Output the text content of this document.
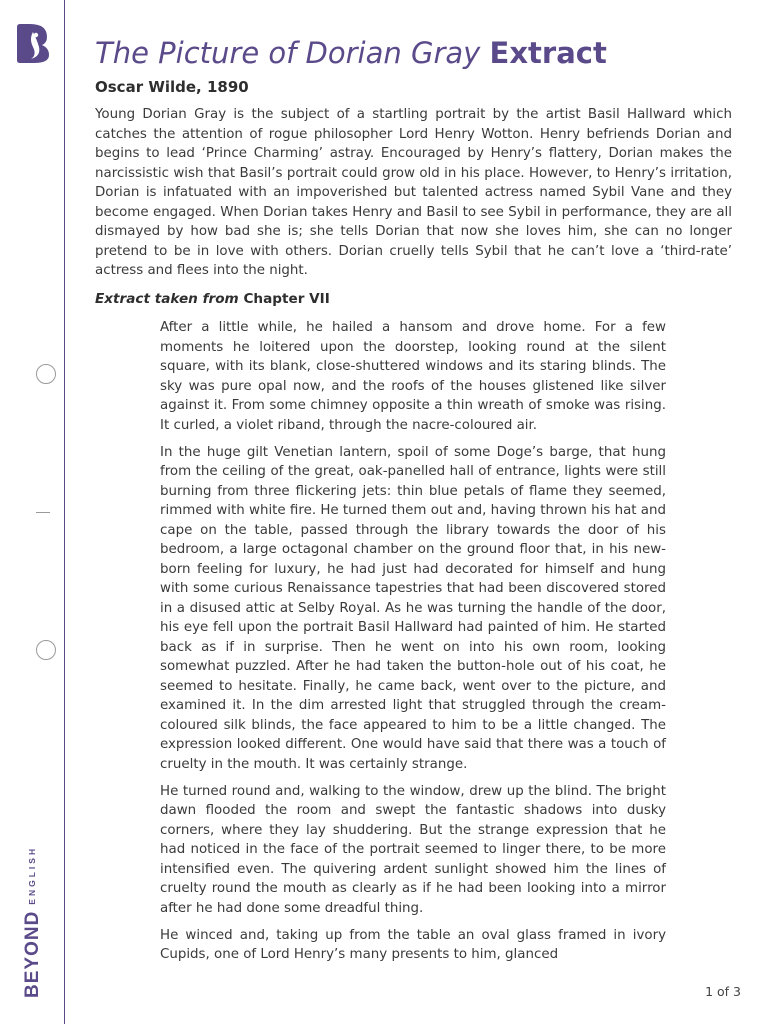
BEYONDENGLISH
The Picture of Dorian Gray Extract

Oscar Wilde, 1890

Young Dorian Gray is the subject of a startling portrait by the artist Basil Hallward which catches the attention of rogue philosopher Lord Henry Wotton. Henry befriends Dorian and begins to lead ‘Prince Charming’ astray. Encouraged by Henry’s flattery, Dorian makes the narcissistic wish that Basil’s portrait could grow old in his place. However, to Henry’s irritation, Dorian is infatuated with an impoverished but talented actress named Sybil Vane and they become engaged. When Dorian takes Henry and Basil to see Sybil in performance, they are all dismayed by how bad she is; she tells Dorian that now she loves him, she can no longer pretend to be in love with others. Dorian cruelly tells Sybil that he can’t love a ‘third-rate’ actress and flees into the night.

Extract taken from Chapter VII

After a little while, he hailed a hansom and drove home. For a few moments he loitered upon the doorstep, looking round at the silent square, with its blank, close-shuttered windows and its staring blinds. The sky was pure opal now, and the roofs of the houses glistened like silver against it. From some chimney opposite a thin wreath of smoke was rising. It curled, a violet riband, through the nacre-coloured air.

In the huge gilt Venetian lantern, spoil of some Doge’s barge, that hung from the ceiling of the great, oak-panelled hall of entrance, lights were still burning from three flickering jets: thin blue petals of flame they seemed, rimmed with white fire. He turned them out and, having thrown his hat and cape on the table, passed through the library towards the door of his bedroom, a large octagonal chamber on the ground floor that, in his new-born feeling for luxury, he had just had decorated for himself and hung with some curious Renaissance tapestries that had been discovered stored in a disused attic at Selby Royal. As he was turning the handle of the door, his eye fell upon the portrait Basil Hallward had painted of him. He started back as if in surprise. Then he went on into his own room, looking somewhat puzzled. After he had taken the button-hole out of his coat, he seemed to hesitate. Finally, he came back, went over to the picture, and examined it. In the dim arrested light that struggled through the cream-coloured silk blinds, the face appeared to him to be a little changed. The expression looked different. One would have said that there was a touch of cruelty in the mouth. It was certainly strange.

He turned round and, walking to the window, drew up the blind. The bright dawn flooded the room and swept the fantastic shadows into dusky corners, where they lay shuddering. But the strange expression that he had noticed in the face of the portrait seemed to linger there, to be more intensified even. The quivering ardent sunlight showed him the lines of cruelty round the mouth as clearly as if he had been looking into a mirror after he had done some dreadful thing.

He winced and, taking up from the table an oval glass framed in ivory Cupids, one of Lord Henry’s many presents to him, glanced

1 of 3
